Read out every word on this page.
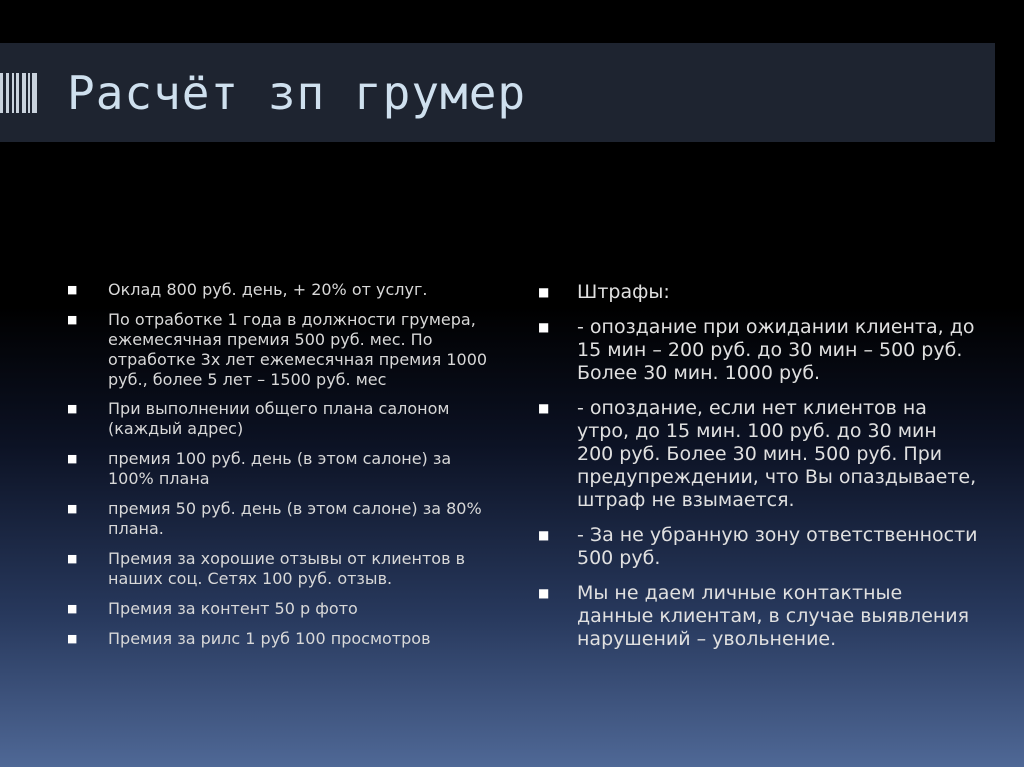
Расчёт зп грумер
■ Оклад 800 руб. день, + 20% от услуг.
■ По отработке 1 года в должности грумера, ежемесячная премия 500 руб. мес. По отработке 3х лет ежемесячная премия 1000 руб., более 5 лет – 1500 руб. мес
■ При выполнении общего плана салоном (каждый адрес)
■ премия 100 руб. день (в этом салоне) за 100% плана
■ премия 50 руб. день (в этом салоне) за 80% плана.
■ Премия за хорошие отзывы от клиентов в наших соц. Сетях 100 руб. отзыв.
■ Премия за контент 50 р фото
■ Премия за рилс 1 руб 100 просмотров
■ Штрафы:
■ - опоздание при ожидании клиента, до 15 мин – 200 руб. до 30 мин – 500 руб. Более 30 мин. 1000 руб.
■ - опоздание, если нет клиентов на утро, до 15 мин. 100 руб. до 30 мин 200 руб. Более 30 мин. 500 руб. При предупреждении, что Вы опаздываете, штраф не взымается.
■ - За не убранную зону ответственности 500 руб.
■ Мы не даем личные контактные данные клиентам, в случае выявления нарушений – увольнение.
